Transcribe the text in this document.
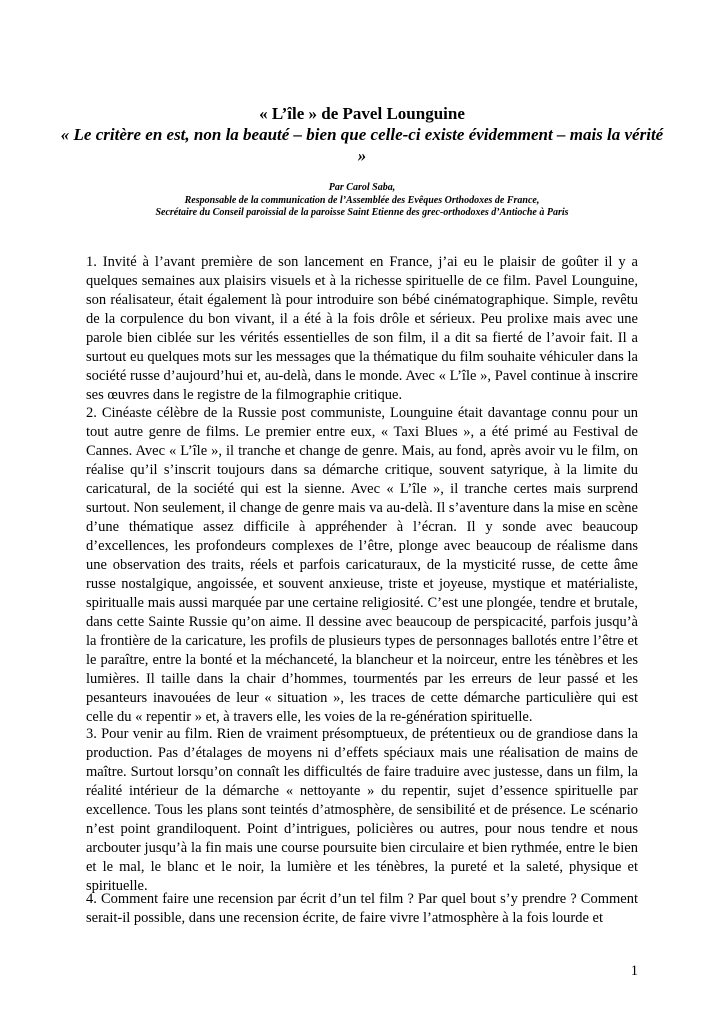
« L’île » de Pavel Lounguine
« Le critère en est, non la beauté – bien que celle-ci existe évidemment – mais la vérité »
Par Carol Saba,
Responsable de la communication de l’Assemblée des Evêques Orthodoxes de France,
Secrétaire du Conseil paroissial de la paroisse Saint Etienne des grec-orthodoxes d’Antioche à Paris

1. Invité à l’avant première de son lancement en France, j’ai eu le plaisir de goûter il y a quelques semaines aux plaisirs visuels et à la richesse spirituelle de ce film. Pavel Lounguine, son réalisateur, était également là pour introduire son bébé cinématographique. Simple, revêtu de la corpulence du bon vivant, il a été à la fois drôle et sérieux. Peu prolixe mais avec une parole bien ciblée sur les vérités essentielles de son film, il a dit sa fierté de l’avoir fait. Il a surtout eu quelques mots sur les messages que la thématique du film souhaite véhiculer dans la société russe d’aujourd’hui et, au-delà, dans le monde. Avec « L’île », Pavel continue à inscrire ses œuvres dans le registre de la filmographie critique.

2. Cinéaste célèbre de la Russie post communiste, Lounguine était davantage connu pour un tout autre genre de films. Le premier entre eux, « Taxi Blues », a été primé au Festival de Cannes. Avec « L’île », il tranche et change de genre. Mais, au fond, après avoir vu le film, on réalise qu’il s’inscrit toujours dans sa démarche critique, souvent satyrique, à la limite du caricatural, de la société qui est la sienne. Avec « L’île », il tranche certes mais surprend surtout. Non seulement, il change de genre mais va au-delà. Il s’aventure dans la mise en scène d’une thématique assez difficile à appréhender à l’écran. Il y sonde avec beaucoup d’excellences, les profondeurs complexes de l’être, plonge avec beaucoup de réalisme dans une observation des traits, réels et parfois caricaturaux, de la mysticité russe, de cette âme russe nostalgique, angoissée, et souvent anxieuse, triste et joyeuse, mystique et matérialiste, spiritualle mais aussi marquée par une certaine religiosité. C’est une plongée, tendre et brutale, dans cette Sainte Russie qu’on aime. Il dessine avec beaucoup de perspicacité, parfois jusqu’à la frontière de la caricature, les profils de plusieurs types de personnages ballotés entre l’être et le paraître, entre la bonté et la méchanceté, la blancheur et la noirceur, entre les ténèbres et les lumières. Il taille dans la chair d’hommes, tourmentés par les erreurs de leur passé et les pesanteurs inavouées de leur « situation », les traces de cette démarche particulière qui est celle du « repentir » et, à travers elle, les voies de la re-génération spirituelle.

3. Pour venir au film. Rien de vraiment présomptueux, de prétentieux ou de grandiose dans la production. Pas d’étalages de moyens ni d’effets spéciaux mais une réalisation de mains de maître. Surtout lorsqu’on connaît les difficultés de faire traduire avec justesse, dans un film, la réalité intérieur de la démarche « nettoyante » du repentir, sujet d’essence spirituelle par excellence. Tous les plans sont teintés d’atmosphère, de sensibilité et de présence. Le scénario n’est point grandiloquent. Point d’intrigues, policières ou autres, pour nous tendre et nous arcbouter jusqu’à la fin mais une course poursuite bien circulaire et bien rythmée, entre le bien et le mal, le blanc et le noir, la lumière et les ténèbres, la pureté et la saleté, physique et spirituelle.

4. Comment faire une recension par écrit d’un tel film ? Par quel bout s’y prendre ? Comment serait-il possible, dans une recension écrite, de faire vivre l’atmosphère à la fois lourde et

1
